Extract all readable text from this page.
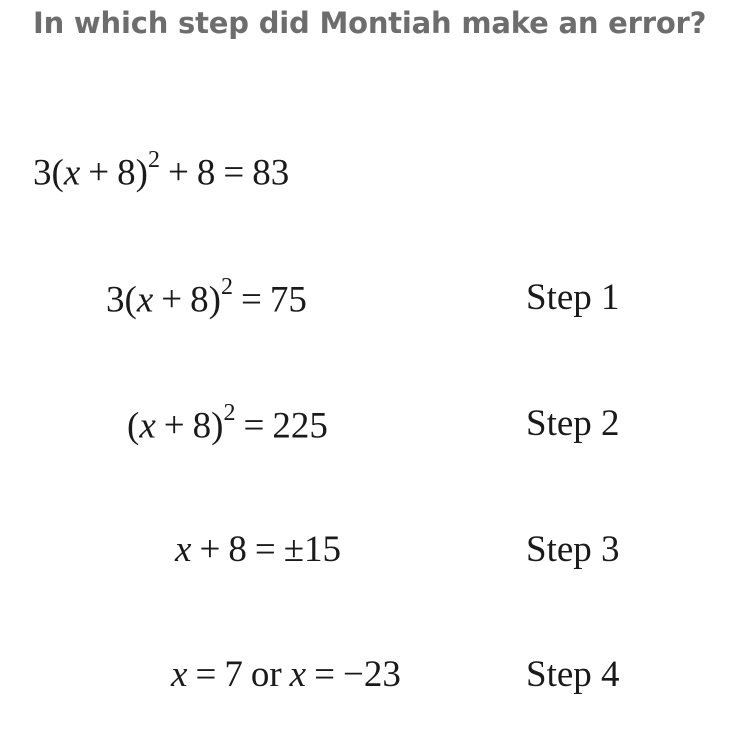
In which step did Montiah make an error?
$3(x + 8)^2 + 8 = 83$
$3(x + 8)^2 = 75$	Step 1
$(x + 8)^2 = 225$	Step 2
x + 8 = ±15	Step 3
x = 7 or x = −23	Step 4
